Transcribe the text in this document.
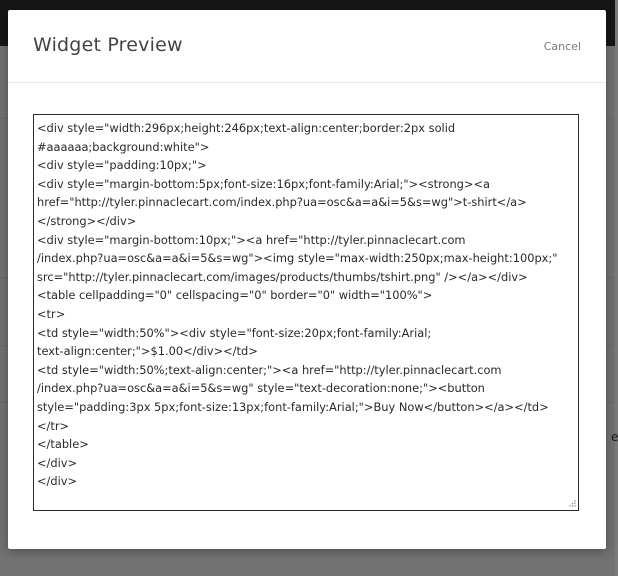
e
Widget Preview	Cancel
<div style="width:296px;height:246px;text-align:center;border:2px solid
#aaaaaa;background:white">
<div style="padding:10px;">
<div style="margin-bottom:5px;font-size:16px;font-family:Arial;"><strong><a
href="http://tyler.pinnaclecart.com/index.php?ua=osc&a=a&i=5&s=wg">t-shirt</a>
</strong></div>
<div style="margin-bottom:10px;"><a href="http://tyler.pinnaclecart.com
/index.php?ua=osc&a=a&i=5&s=wg"><img style="max-width:250px;max-height:100px;"
src="http://tyler.pinnaclecart.com/images/products/thumbs/tshirt.png" /></a></div>
<table cellpadding="0" cellspacing="0" border="0" width="100%">
<tr>
<td style="width:50%"><div style="font-size:20px;font-family:Arial;
text-align:center;">$1.00</div></td>
<td style="width:50%;text-align:center;"><a href="http://tyler.pinnaclecart.com
/index.php?ua=osc&a=a&i=5&s=wg" style="text-decoration:none;"><button
style="padding:3px 5px;font-size:13px;font-family:Arial;">Buy Now</button></a></td>
</tr>
</table>
</div>
</div>
